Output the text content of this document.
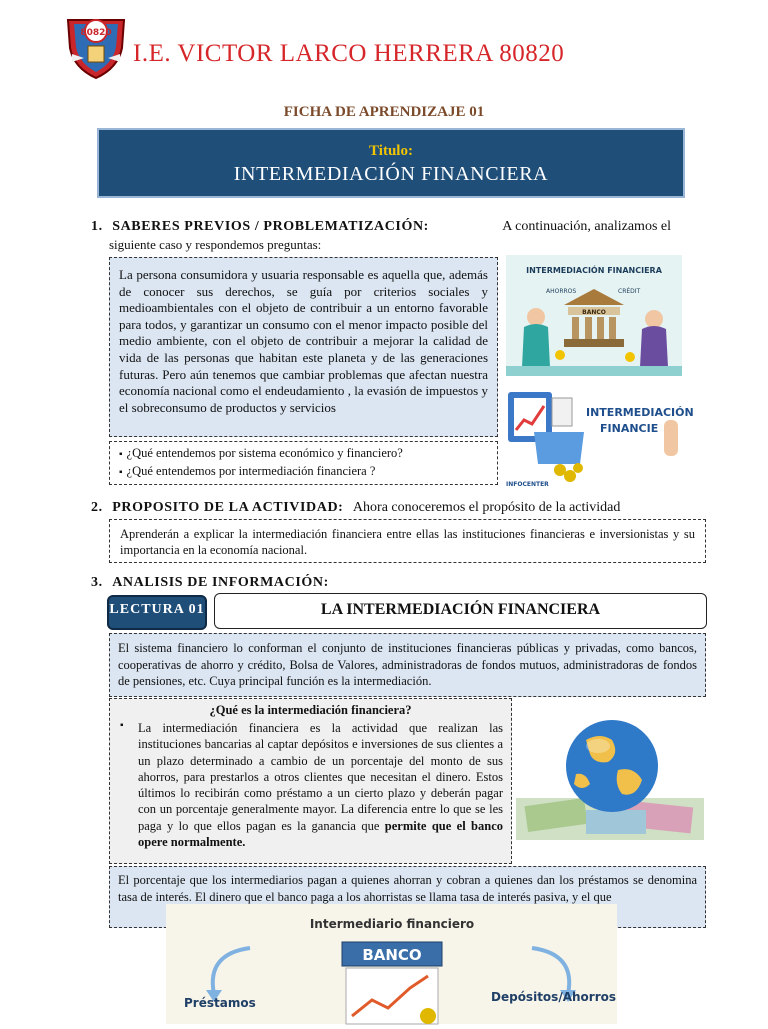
80820
I.E. VICTOR LARCO HERRERA 80820
FICHA DE APRENDIZAJE 01
Titulo:
INTERMEDIACIÓN FINANCIERA
1. SABERES PREVIOS / PROBLEMATIZACIÓN:	A continuación, analizamos el
siguiente caso y respondemos preguntas:
La persona consumidora y usuaria responsable es aquella que, además de conocer sus derechos, se guía por criterios sociales y medioambientales con el objeto de contribuir a un entorno favorable para todos, y garantizar un consumo con el menor impacto posible del medio ambiente, con el objeto de contribuir a mejorar la calidad de vida de las personas que habitan este planeta y de las generaciones futuras. Pero aún tenemos que cambiar problemas que afectan nuestra economía nacional como el endeudamiento , la evasión de impuestos y el sobreconsumo de productos y servicios
▪ ¿Qué entendemos por sistema económico y financiero?
▪ ¿Qué entendemos por intermediación financiera ?
INTERMEDIACIÓN FINANCIERA
AHORROS	CRÉDIT
BANCO
INTERMEDIACIÓN
FINANCIE
INFOCENTER
2. PROPOSITO DE LA ACTIVIDAD: Ahora conoceremos el propósito de la actividad
Aprenderán a explicar la intermediación financiera entre ellas las instituciones financieras e inversionistas y su importancia en la economía nacional.
3. ANALISIS DE INFORMACIÓN:
LECTURA 01	LA INTERMEDIACIÓN FINANCIERA
El sistema financiero lo conforman el conjunto de instituciones financieras públicas y privadas, como bancos, cooperativas de ahorro y crédito, Bolsa de Valores, administradoras de fondos mutuos, administradoras de fondos de pensiones, etc. Cuya principal función es la intermediación.
¿Qué es la intermediación financiera?
▪ La intermediación financiera es la actividad que realizan las instituciones bancarias al captar depósitos e inversiones de sus clientes a un plazo determinado a cambio de un porcentaje del monto de sus ahorros, para prestarlos a otros clientes que necesitan el dinero. Estos últimos lo recibirán como préstamo a un cierto plazo y deberán pagar con un porcentaje generalmente mayor. La diferencia entre lo que se les paga y lo que ellos pagan es la ganancia que permite que el banco opere normalmente.
El porcentaje que los intermediarios pagan a quienes ahorran y cobran a quienes dan los préstamos se denomina tasa de interés. El dinero que el banco paga a los ahorristas se llama tasa de interés pasiva, y el que
Intermediario financiero
BANCO
Préstamos	Depósitos/Ahorros
